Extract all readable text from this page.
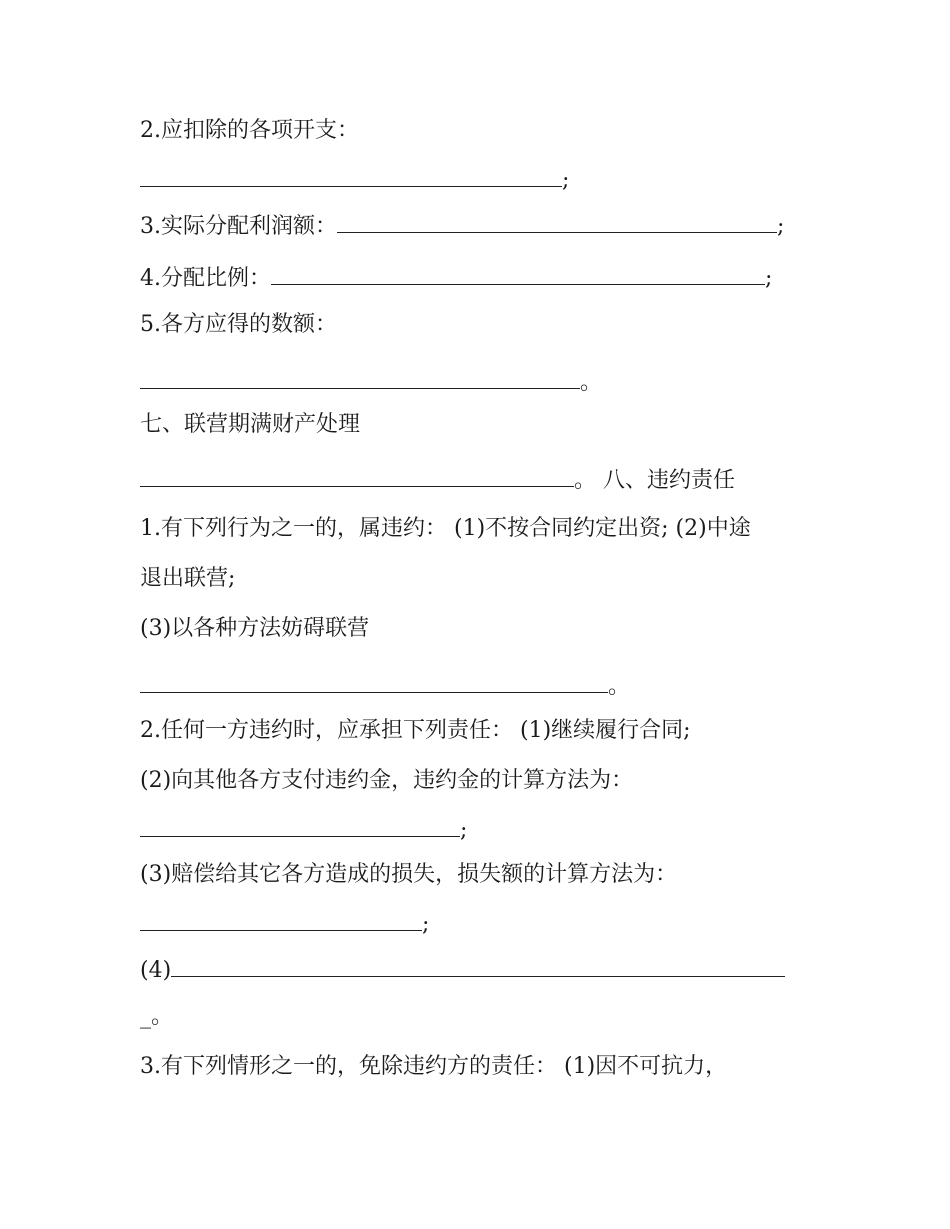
2.应扣除的各项开支：
;
3.实际分配利润额：	;
4.分配比例：	;
5.各方应得的数额：
。
七、联营期满财产处理
。 八、违约责任
1.有下列行为之一的，属违约： (1)不按合同约定出资; (2)中途
退出联营;
(3)以各种方法妨碍联营
。
2.任何一方违约时，应承担下列责任： (1)继续履行合同;
(2)向其他各方支付违约金，违约金的计算方法为：
;
(3)赔偿给其它各方造成的损失，损失额的计算方法为：
;
(4)
_。
3.有下列情形之一的，免除违约方的责任： (1)因不可抗力，
